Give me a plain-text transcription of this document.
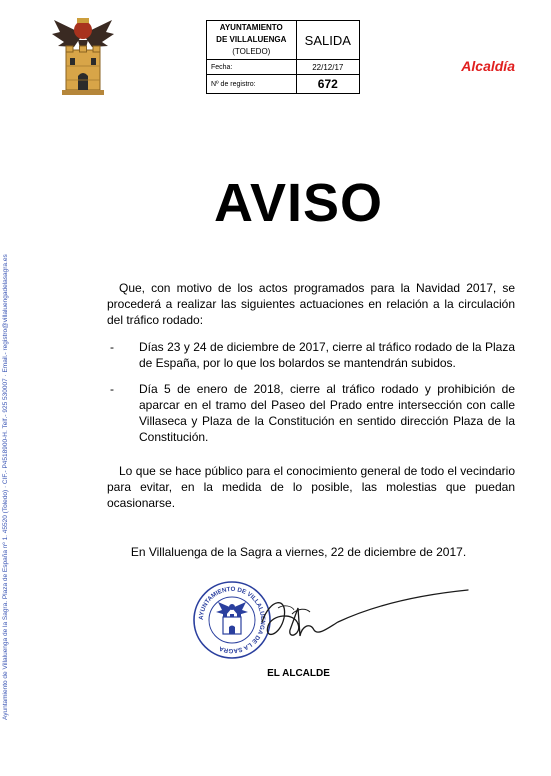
AYUNTAMIENTO
DE VILLALUENGA
(TOLEDO)	SALIDA
Fecha:	22/12/17
Nº de registro:	672
Alcaldía
Ayuntamiento de Villaluenga de la Sagra. Plaza de España nº 1. 45520 (Toledo) · CIF.- P4518900-H. Telf.- 925 530007 · Email.- registro@villaluengadelasagra.es
AVISO
Que, con motivo de los actos programados para la Navidad 2017, se procederá a realizar las siguientes actuaciones en relación a la circulación del tráfico rodado:
- Días 23 y 24 de diciembre de 2017, cierre al tráfico rodado de la Plaza de España, por lo que los bolardos se mantendrán subidos.
- Día 5 de enero de 2018, cierre al tráfico rodado y prohibición de aparcar en el tramo del Paseo del Prado entre intersección con calle Villaseca y Plaza de la Constitución en sentido dirección Plaza de la Constitución.
Lo que se hace público para el conocimiento general de todo el vecindario para evitar, en la medida de lo posible, las molestias que puedan ocasionarse.
En Villaluenga de la Sagra a viernes, 22 de diciembre de 2017.
AYUNTAMIENTO DE VILLALUENGA DE LA SAGRA
EL ALCALDE
